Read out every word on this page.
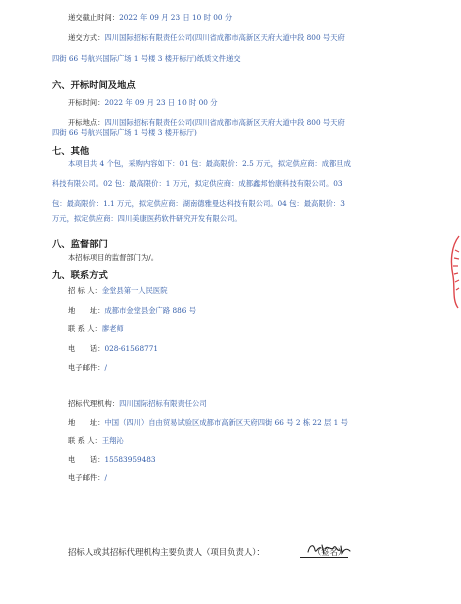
递交截止时间：2022 年 09 月 23 日 10 时 00 分
递交方式：四川国际招标有限责任公司(四川省成都市高新区天府大道中段 800 号天府
四街 66 号航兴国际广场 1 号楼 3 楼开标厅)纸质文件递交
六、开标时间及地点
开标时间：2022 年 09 月 23 日 10 时 00 分
开标地点：四川国际招标有限责任公司(四川省成都市高新区天府大道中段 800 号天府
四街 66 号航兴国际广场 1 号楼 3 楼开标厅)
七、其他
本项目共 4 个包，采购内容如下：01 包：最高限价：2.5 万元，拟定供应商：成都旦成
科技有限公司。02 包：最高限价：1 万元，拟定供应商：成都鑫邦怡康科技有限公司。03
包：最高限价：1.1 万元，拟定供应商：湖南德雅曼达科技有限公司。04 包：最高限价：3
万元，拟定供应商：四川美康医药软件研究开发有限公司。
八、监督部门
本招标项目的监督部门为/。
九、联系方式
招 标 人：金堂县第一人民医院
地　　址：成都市金堂县金广路 886 号
联 系 人：廖老师
电　　话：028-61568771
电子邮件：/
招标代理机构：四川国际招标有限责任公司
地　　址：中国（四川）自由贸易试验区成都市高新区天府四街 66 号 2 栋 22 层 1 号
联 系 人：王翔沁
电　　话：15583959483
电子邮件：/
招标人或其招标代理机构主要负责人（项目负责人）：	（签名）
